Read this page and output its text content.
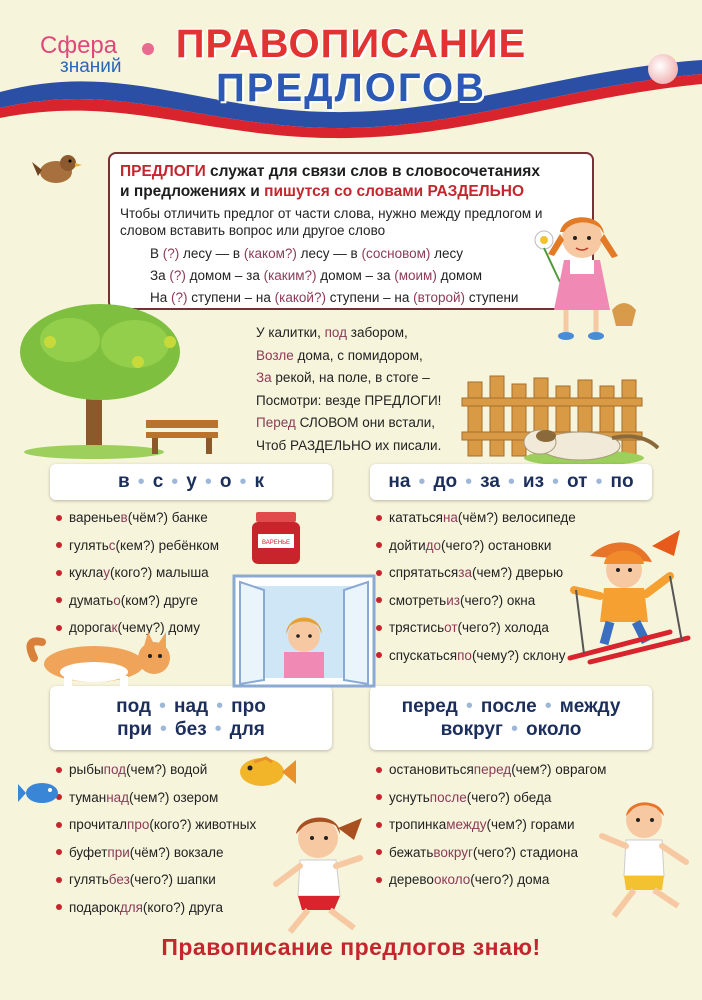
Сфера
знаний
ПРАВОПИСАНИЕ
ПРЕДЛОГОВ
ПРЕДЛОГИ служат для связи слов в словосочетаниях
и предложениях и пишутся со словами РАЗДЕЛЬНО
Чтобы отличить предлог от части слова, нужно между предлогом и словом вставить вопрос или другое слово
В (?) лесу — в (каком?) лесу — в (сосновом) лесу
За (?) домом – за (каким?) домом – за (моим) домом
На (?) ступени – на (какой?) ступени – на (второй) ступени
У калитки, под забором,
Возле дома, с помидором,
За рекой, на поле, в стоге –
Посмотри: везде ПРЕДЛОГИ!
Перед СЛОВОМ они встали,
Чтоб РАЗДЕЛЬНО их писали.
в • с • у • о • к	на • до • за • из • от • по
под • над • про
при • без • для
перед • после • между
вокруг • около
варенье в (чём?) банке
гулять с (кем?) ребёнком
кукла у (кого?) малыша
думать о (ком?) друге
дорога к (чему?) дому
ВАРЕНЬЕ
кататься на (чём?) велосипеде
дойти до (чего?) остановки
спрятаться за (чем?) дверью
смотреть из (чего?) окна
трястись от (чего?) холода
спускаться по (чему?) склону
рыбы под (чем?) водой
туман над (чем?) озером
прочитал про (кого?) животных
буфет при (чём?) вокзале
гулять без (чего?) шапки
подарок для (кого?) друга
остановиться перед (чем?) оврагом
уснуть после (чего?) обеда
тропинка между (чем?) горами
бежать вокруг (чего?) стадиона
дерево около (чего?) дома
Правописание предлогов знаю!
